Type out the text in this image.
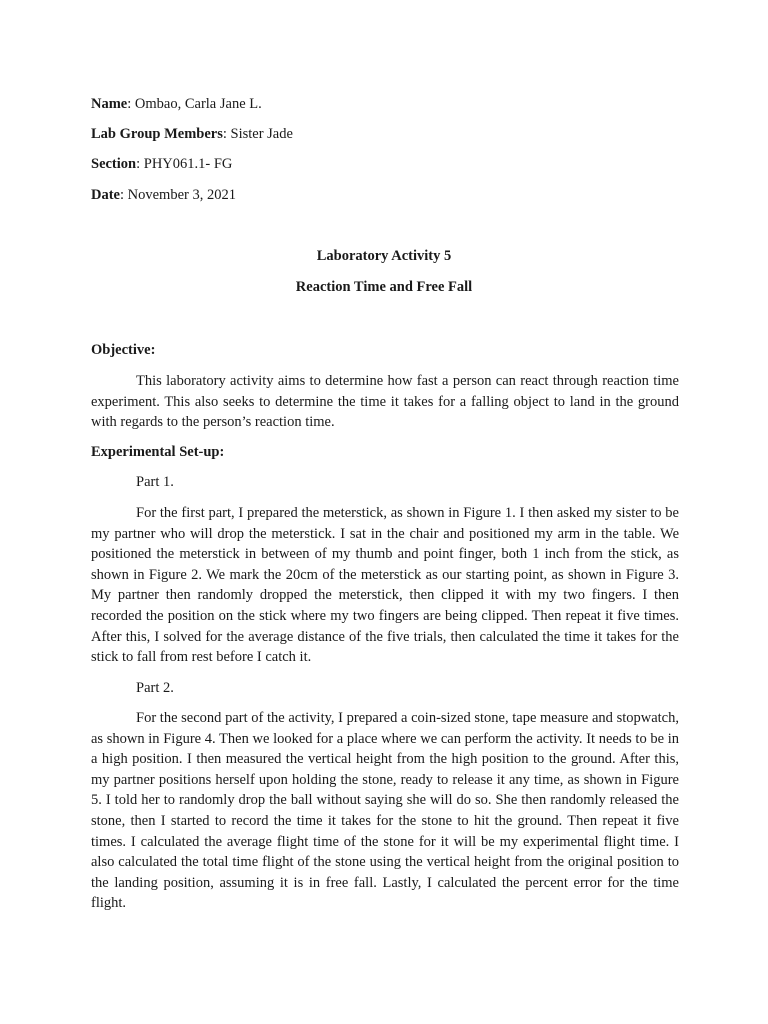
Name: Ombao, Carla Jane L.
Lab Group Members: Sister Jade
Section: PHY061.1- FG
Date: November 3, 2021
Laboratory Activity 5
Reaction Time and Free Fall
Objective:
This laboratory activity aims to determine how fast a person can react through reaction time experiment. This also seeks to determine the time it takes for a falling object to land in the ground with regards to the person’s reaction time.
Experimental Set-up:
Part 1.
For the first part, I prepared the meterstick, as shown in Figure 1. I then asked my sister to be my partner who will drop the meterstick. I sat in the chair and positioned my arm in the table. We positioned the meterstick in between of my thumb and point finger, both 1 inch from the stick, as shown in Figure 2. We mark the 20cm of the meterstick as our starting point, as shown in Figure 3. My partner then randomly dropped the meterstick, then clipped it with my two fingers. I then recorded the position on the stick where my two fingers are being clipped. Then repeat it five times. After this, I solved for the average distance of the five trials, then calculated the time it takes for the stick to fall from rest before I catch it.
Part 2.
For the second part of the activity, I prepared a coin-sized stone, tape measure and stopwatch, as shown in Figure 4. Then we looked for a place where we can perform the activity. It needs to be in a high position. I then measured the vertical height from the high position to the ground. After this, my partner positions herself upon holding the stone, ready to release it any time, as shown in Figure 5. I told her to randomly drop the ball without saying she will do so. She then randomly released the stone, then I started to record the time it takes for the stone to hit the ground. Then repeat it five times. I calculated the average flight time of the stone for it will be my experimental flight time. I also calculated the total time flight of the stone using the vertical height from the original position to the landing position, assuming it is in free fall. Lastly, I calculated the percent error for the time flight.
